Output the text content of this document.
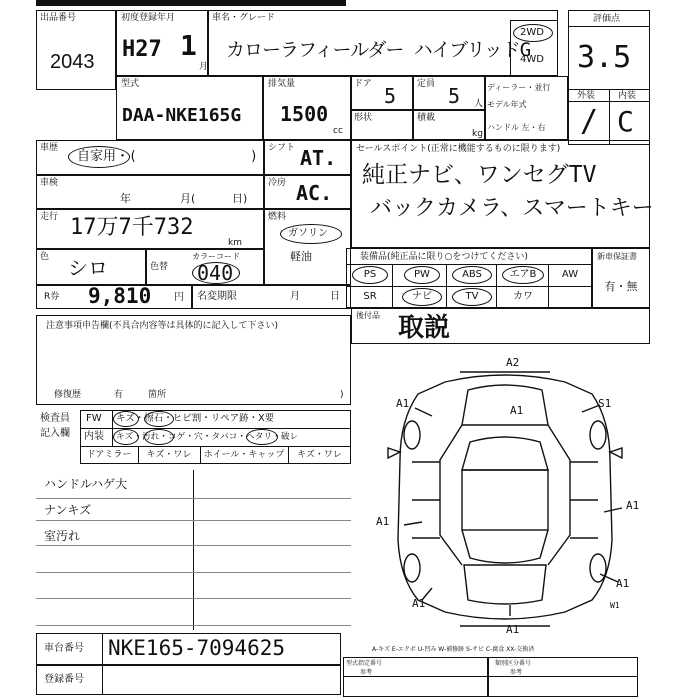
出品番号
2043
初度登録年月
H27 1
月
車名・グレード
カローラフィールダー ハイブリッドG
2WD
4WD
評価点
3.5
外装	内装
/ C
型式
DAA-NKE165G
排気量
1500
cc
ドア 5 定員 5 人
ディーラー・並行
モデル年式
ハンドル 左・右
形状	積載
kg
車歴
自家用・(	)
シフト AT.
車検
年	月(	日)
冷房 AC.
走行 17万7千732
km
燃料
ガソリン
軽油
色 シロ	色替
カラーコード
040
R券 9,810 円 名変期限	月	日
セールスポイント(正常に機能するものに限ります)
純正ナビ、ワンセグTV
バックカメラ、スマートキー
装備品(純正品に限り○をつけてください)
PS	PW	ABS	エアB	AW
SR	ナビ	TV	カワ
新車保証書
有・無
後付品 取説
注意事項申告欄(不具合内容等は具体的に記入して下さい)
修復歴	有	箇所	)
検査員
記入欄
FW キズ・擦石・ヒビ割・リペア跡・X要
内装 キズ・汚れ・コゲ・穴・タバコ・ヘタリ・破レ
ドアミラー	キズ・ワレ	ホイール・キャップ	キズ・ワレ
ハンドルハゲ大
ナンキズ
室汚れ
A2
A1
A1
A1
A1
A1
A1
A1
S1
W1
車台番号 NKE165-7094625
登録番号
A-キズ E-エクボ U-凹み W-補修跡 S-サビ C-腐食 XX-交換済
型式指定番号
参考
類別区分番号
参考
